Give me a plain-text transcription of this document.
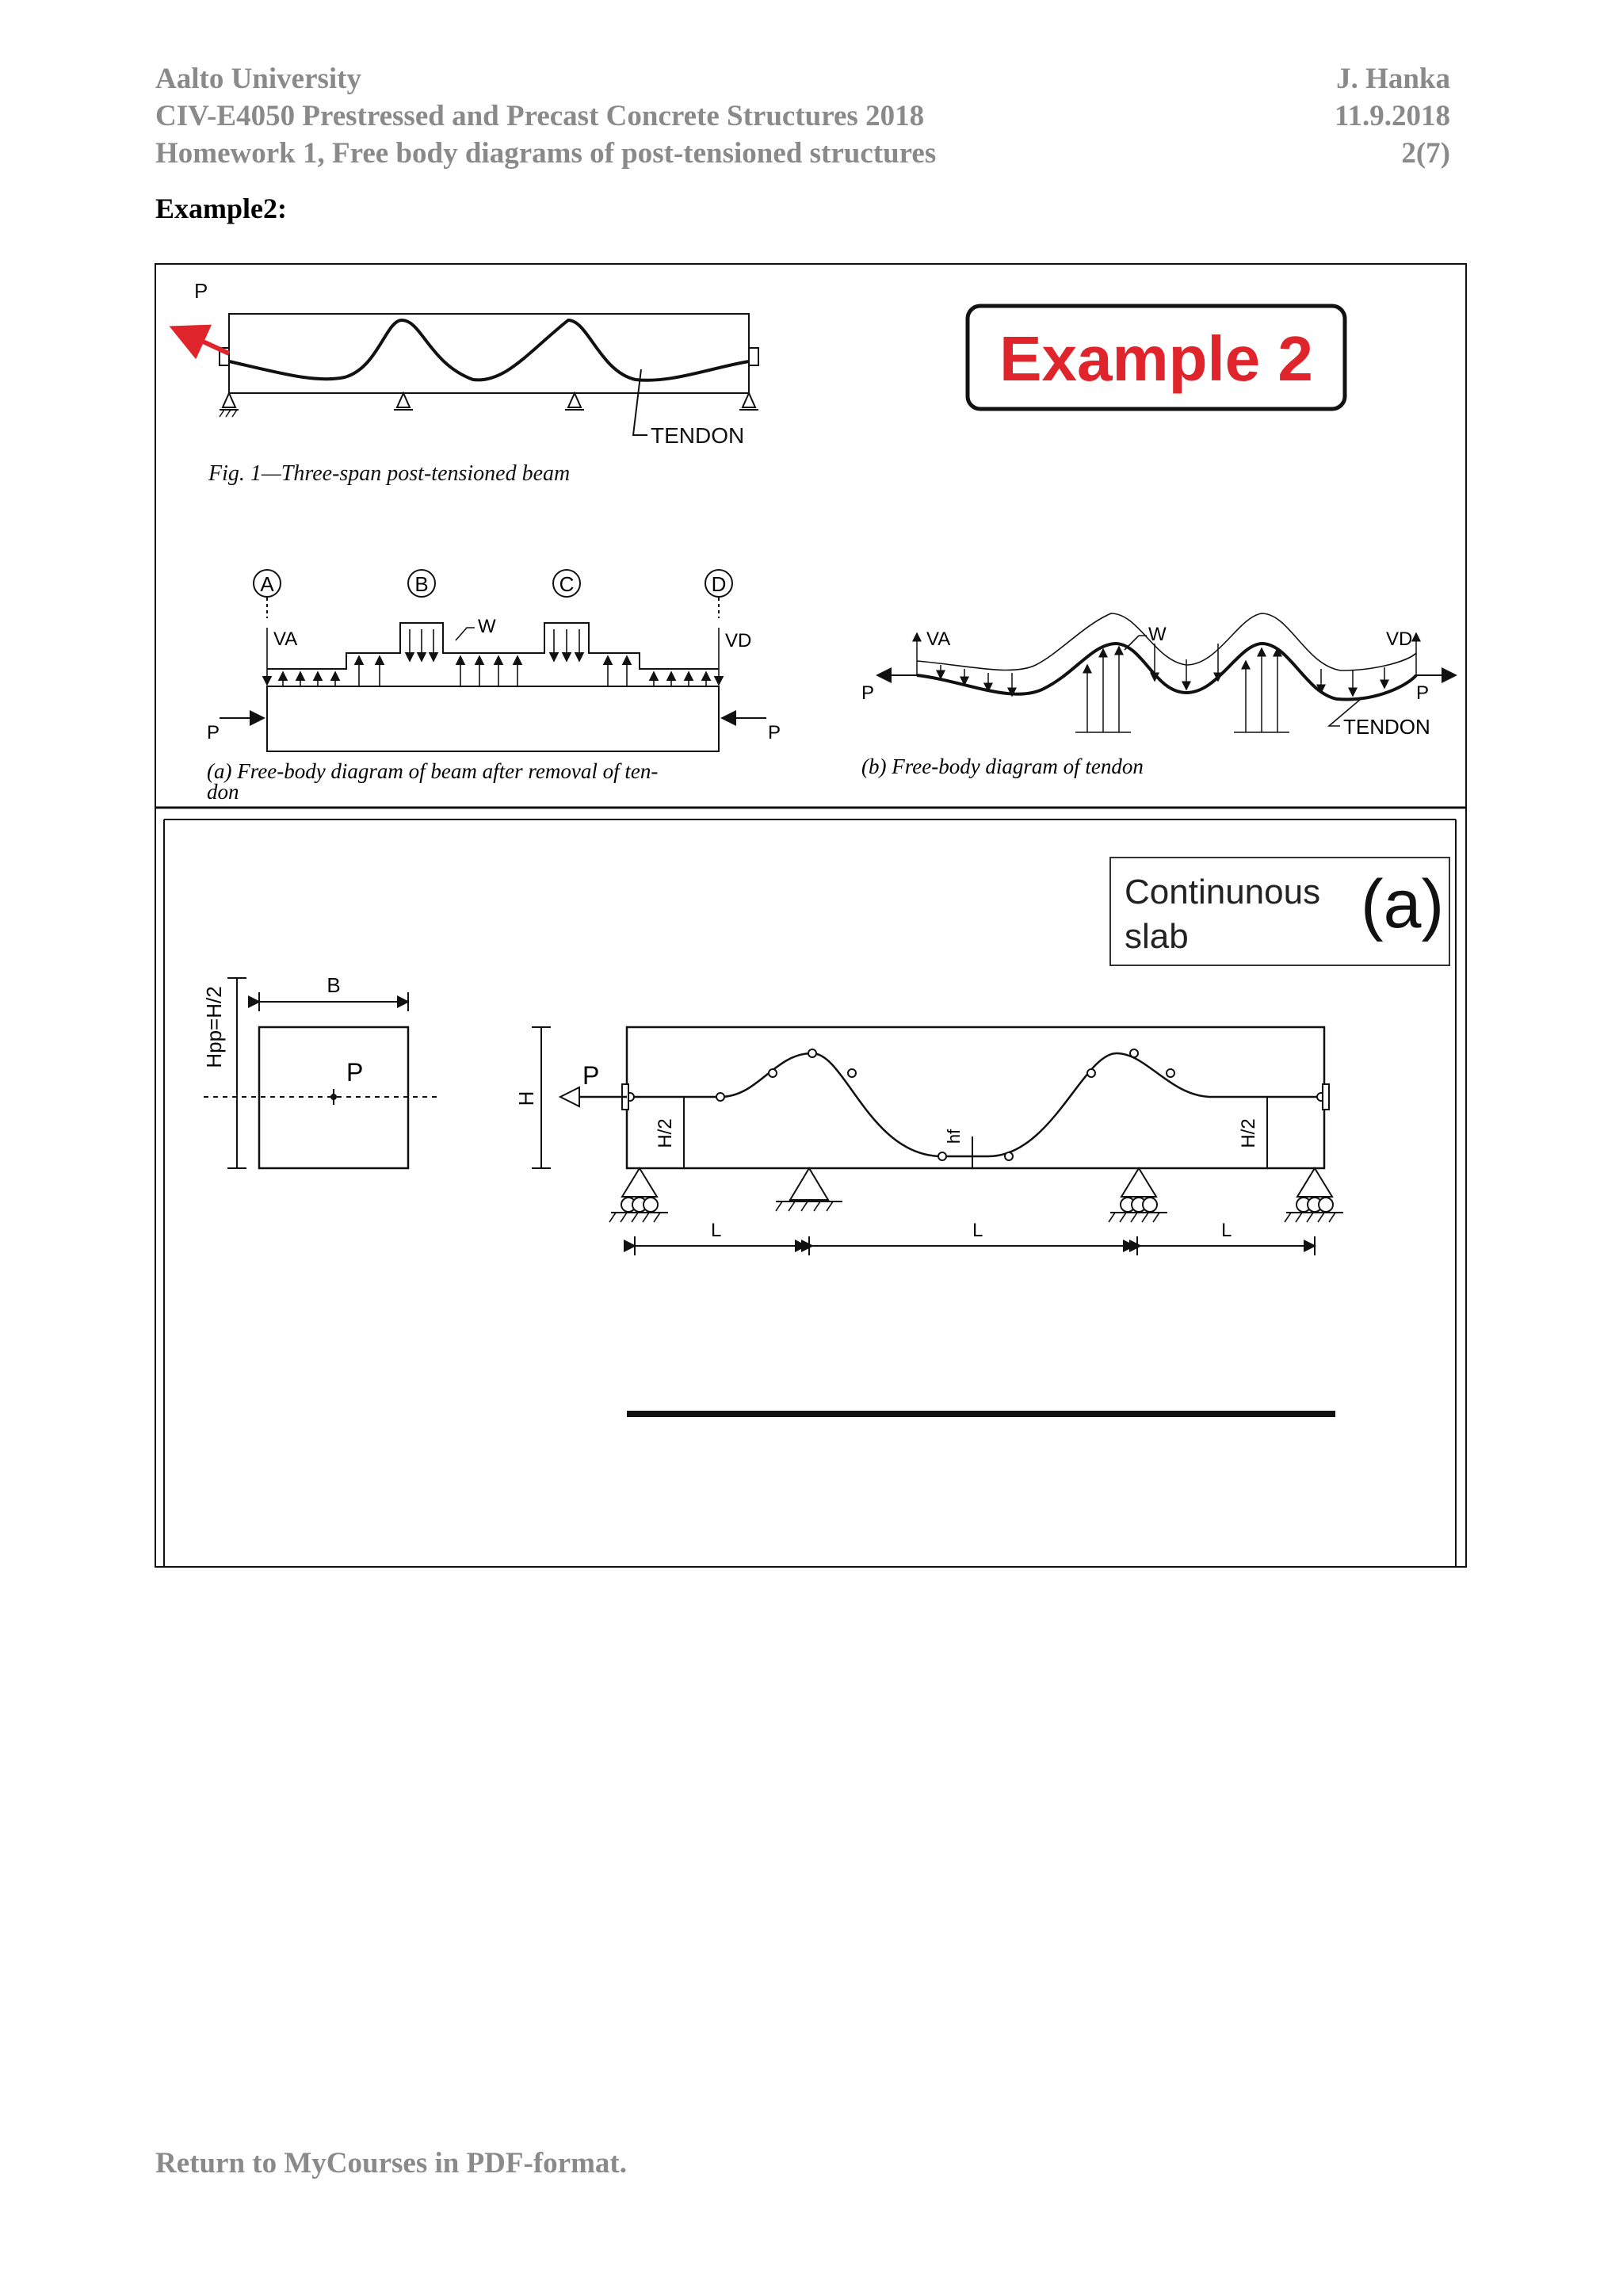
Aalto University
CIV-E4050 Prestressed and Precast Concrete Structures 2018
Homework 1, Free body diagrams of post-tensioned structures
J. Hanka
11.9.2018
2(7)
Example2:
P
TENDON
Fig. 1—Three-span post-tensioned beam
Example 2
A	B	C	D
VA	VD
W
P	P
(a) Free-body diagram of beam after removal of ten-
don
VA	VD
W
P	P
TENDON
(b) Free-body diagram of tendon
Continunous
slab	(a)
P
B
Hpp=H/2
P
H
H/2	H/2
hf
L	L	L
Return to MyCourses in PDF-format.
